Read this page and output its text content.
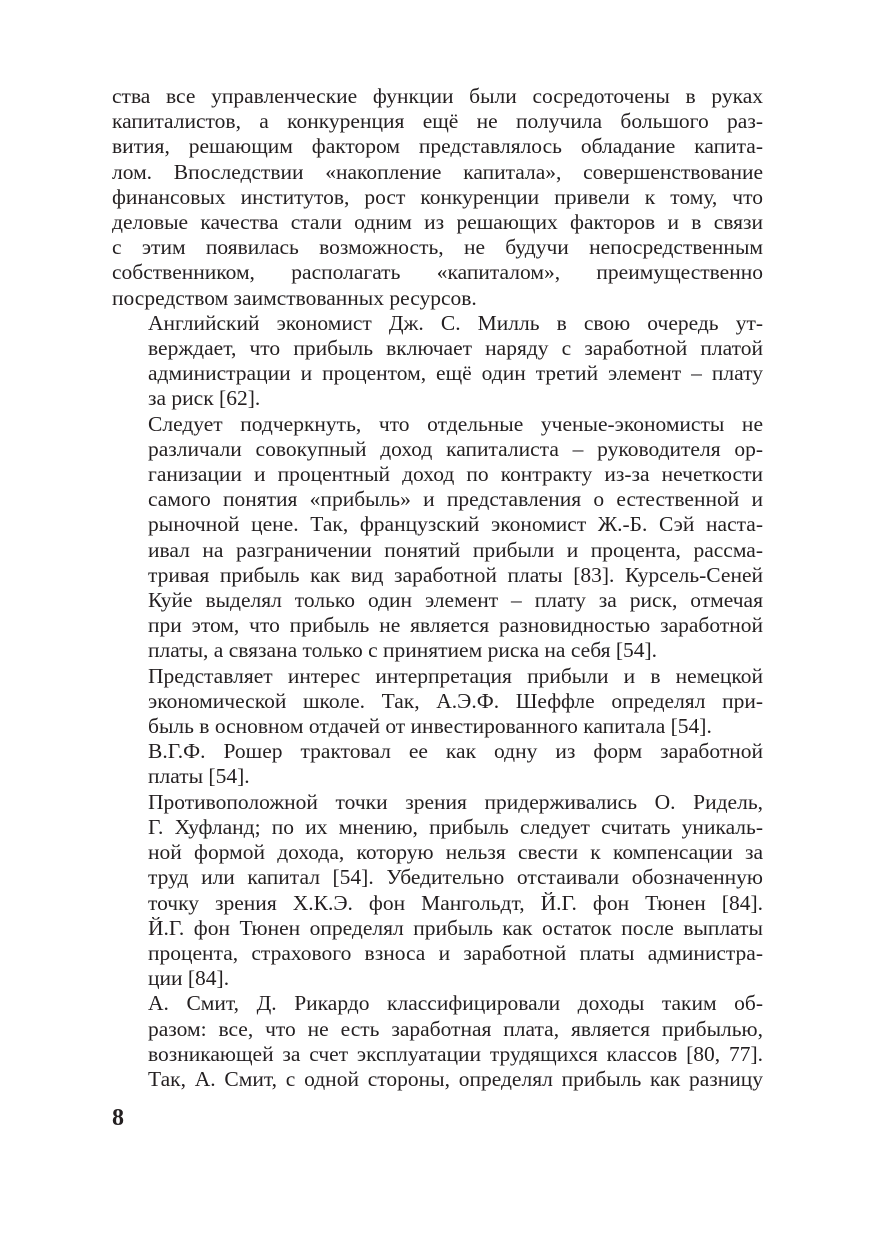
ства все управленческие функции были сосредоточены в руках
капиталистов, а конкуренция ещё не получила большого раз-
вития, решающим фактором представлялось обладание капита-
лом. Впоследствии «накопление капитала», совершенствование
финансовых институтов, рост конкуренции привели к тому, что
деловые качества стали одним из решающих факторов и в связи
с этим появилась возможность, не будучи непосредственным
собственником, располагать «капиталом», преимущественно
посредством заимствованных ресурсов.

Английский экономист Дж. С. Милль в свою очередь ут-
верждает, что прибыль включает наряду с заработной платой
администрации и процентом, ещё один третий элемент – плату
за риск [62].

Следует подчеркнуть, что отдельные ученые-экономисты не
различали совокупный доход капиталиста – руководителя ор-
ганизации и процентный доход по контракту из-за нечеткости
самого понятия «прибыль» и представления о естественной и
рыночной цене. Так, французский экономист Ж.-Б. Сэй наста-
ивал на разграничении понятий прибыли и процента, рассма-
тривая прибыль как вид заработной платы [83]. Курсель-Сеней
Куйе выделял только один элемент – плату за риск, отмечая
при этом, что прибыль не является разновидностью заработной
платы, а связана только с принятием риска на себя [54].

Представляет интерес интерпретация прибыли и в немецкой
экономической школе. Так, А.Э.Ф. Шеффле определял при-
быль в основном отдачей от инвестированного капитала [54].

В.Г.Ф. Рошер трактовал ее как одну из форм заработной
платы [54].

Противоположной точки зрения придерживались О. Ридель,
Г. Хуфланд; по их мнению, прибыль следует считать уникаль-
ной формой дохода, которую нельзя свести к компенсации за
труд или капитал [54]. Убедительно отстаивали обозначенную
точку зрения Х.К.Э. фон Мангольдт, Й.Г. фон Тюнен [84].
Й.Г. фон Тюнен определял прибыль как остаток после выплаты
процента, страхового взноса и заработной платы администра-
ции [84].

А. Смит, Д. Рикардо классифицировали доходы таким об-
разом: все, что не есть заработная плата, является прибылью,
возникающей за счет эксплуатации трудящихся классов [80, 77].
Так, А. Смит, с одной стороны, определял прибыль как разницу

8
